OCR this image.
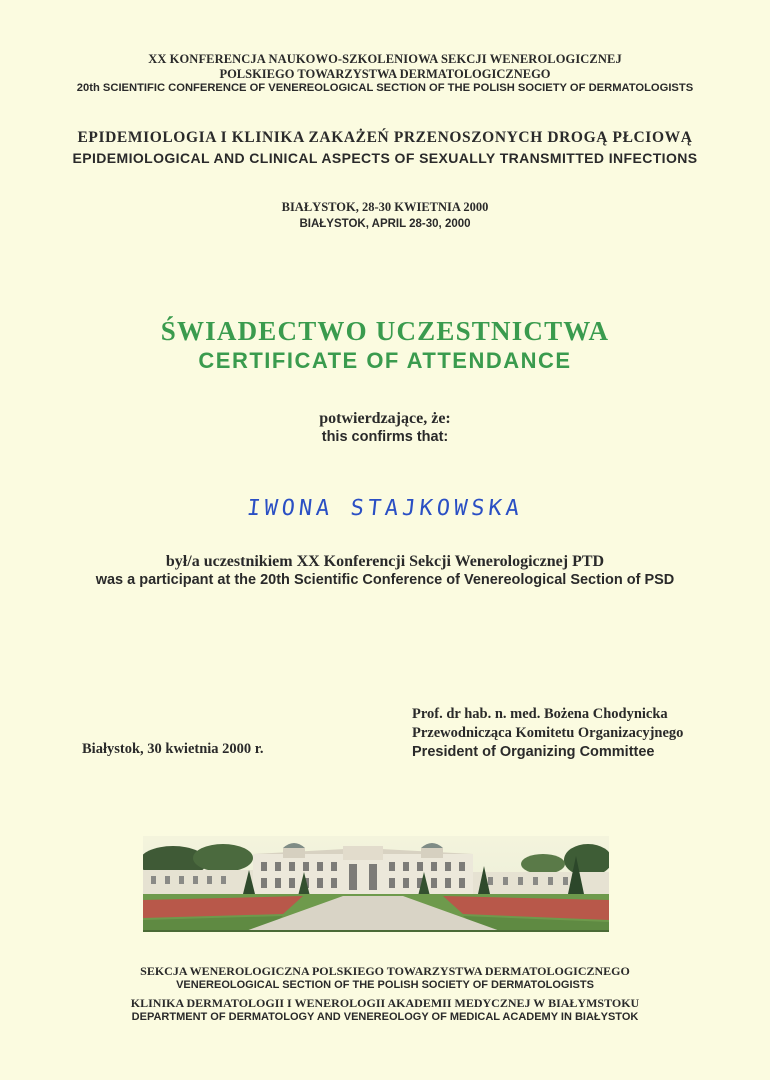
XX KONFERENCJA NAUKOWO-SZKOLENIOWA SEKCJI WENEROLOGICZNEJ
POLSKIEGO TOWARZYSTWA DERMATOLOGICZNEGO
20th SCIENTIFIC CONFERENCE OF VENEREOLOGICAL SECTION OF THE POLISH SOCIETY OF DERMATOLOGISTS
EPIDEMIOLOGIA I KLINIKA ZAKAŻEŃ PRZENOSZONYCH DROGĄ PŁCIOWĄ
EPIDEMIOLOGICAL AND CLINICAL ASPECTS OF SEXUALLY TRANSMITTED INFECTIONS
BIAŁYSTOK, 28-30 KWIETNIA 2000
BIAŁYSTOK, APRIL 28-30, 2000
ŚWIADECTWO UCZESTNICTWA
CERTIFICATE OF ATTENDANCE
potwierdzające, że:
this confirms that:
IWONA STAJKOWSKA
był/a uczestnikiem XX Konferencji Sekcji Wenerologicznej PTD
was a participant at the 20th Scientific Conference of Venereological Section of PSD
Prof. dr hab. n. med. Bożena Chodynicka
Przewodnicząca Komitetu Organizacyjnego
President of Organizing Committee
Białystok, 30 kwietnia 2000 r.
SEKCJA WENEROLOGICZNA POLSKIEGO TOWARZYSTWA DERMATOLOGICZNEGO
VENEREOLOGICAL SECTION OF THE POLISH SOCIETY OF DERMATOLOGISTS
KLINIKA DERMATOLOGII I WENEROLOGII AKADEMII MEDYCZNEJ W BIAŁYMSTOKU
DEPARTMENT OF DERMATOLOGY AND VENEREOLOGY OF MEDICAL ACADEMY IN BIAŁYSTOK
